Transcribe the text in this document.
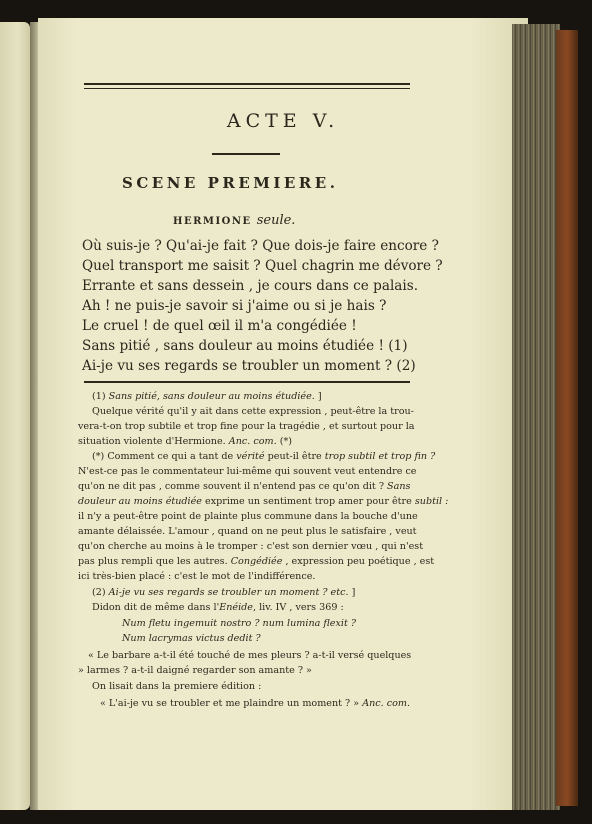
ACTE V.
SCENE PREMIERE.
HERMIONE seule.
Où suis-je ? Qu'ai-je fait ? Que dois-je faire encore ?
Quel transport me saisit ? Quel chagrin me dévore ?
Errante et sans dessein , je cours dans ce palais.
Ah ! ne puis-je savoir si j'aime ou si je hais ?
Le cruel ! de quel œil il m'a congédiée !
Sans pitié , sans douleur au moins étudiée ! (1)
Ai-je vu ses regards se troubler un moment ? (2)
(1) Sans pitié, sans douleur au moins étudiée. ]
Quelque vérité qu'il y ait dans cette expression , peut-être la trou-
vera-t-on trop subtile et trop fine pour la tragédie , et surtout pour la
situation violente d'Hermione. Anc. com. (*)
(*) Comment ce qui a tant de vérité peut-il être trop subtil et trop fin ?
N'est-ce pas le commentateur lui-même qui souvent veut entendre ce
qu'on ne dit pas , comme souvent il n'entend pas ce qu'on dit ? Sans
douleur au moins étudiée exprime un sentiment trop amer pour être subtil :
il n'y a peut-être point de plainte plus commune dans la bouche d'une
amante délaissée. L'amour , quand on ne peut plus le satisfaire , veut
qu'on cherche au moins à le tromper : c'est son dernier vœu , qui n'est
pas plus rempli que les autres. Congédiée , expression peu poétique , est
ici très-bien placé : c'est le mot de l'indifférence.
(2) Ai-je vu ses regards se troubler un moment ? etc. ]
Didon dit de même dans l'Enéide, liv. IV , vers 369 :
Num fletu ingemuit nostro ? num lumina flexit ?
Num lacrymas victus dedit ?
« Le barbare a-t-il été touché de mes pleurs ? a-t-il versé quelques
» larmes ? a-t-il daigné regarder son amante ? »
On lisait dans la premiere édition :
« L'ai-je vu se troubler et me plaindre un moment ? » Anc. com.
